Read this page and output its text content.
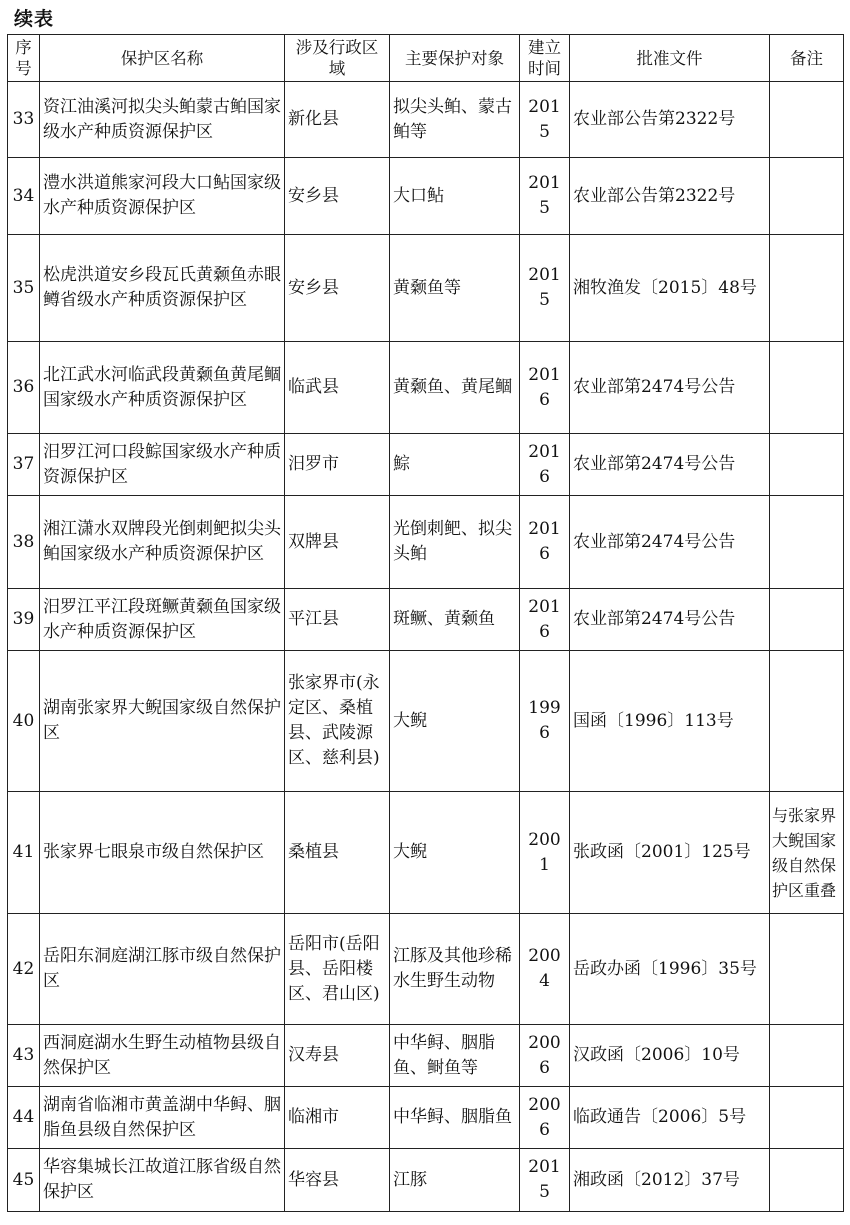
续表
序号	保护区名称	涉及行政区域	主要保护对象	建立时间	批准文件	备注
33	资江油溪河拟尖头鲌蒙古鲌国家级水产种质资源保护区	新化县	拟尖头鲌、蒙古鲌等	2015	农业部公告第2322号	
34	澧水洪道熊家河段大口鲇国家级水产种质资源保护区	安乡县	大口鲇	2015	农业部公告第2322号	
35	松虎洪道安乡段瓦氏黄颡鱼赤眼鳟省级水产种质资源保护区	安乡县	黄颡鱼等	2015	湘牧渔发〔2015〕48号	
36	北江武水河临武段黄颡鱼黄尾鲴国家级水产种质资源保护区	临武县	黄颡鱼、黄尾鲴	2016	农业部第2474号公告	
37	汨罗江河口段鯮国家级水产种质资源保护区	汨罗市	鯮	2016	农业部第2474号公告	
38	湘江潇水双牌段光倒刺鲃拟尖头鲌国家级水产种质资源保护区	双牌县	光倒刺鲃、拟尖头鲌	2016	农业部第2474号公告	
39	汨罗江平江段斑鳜黄颡鱼国家级水产种质资源保护区	平江县	斑鳜、黄颡鱼	2016	农业部第2474号公告	
40	湖南张家界大鲵国家级自然保护区	张家界市(永定区、桑植县、武陵源区、慈利县)	大鲵	1996	国函〔1996〕113号	
41	张家界七眼泉市级自然保护区	桑植县	大鲵	2001	张政函〔2001〕125号	与张家界大鲵国家级自然保护区重叠
42	岳阳东洞庭湖江豚市级自然保护区	岳阳市(岳阳县、岳阳楼区、君山区)	江豚及其他珍稀水生野生动物	2004	岳政办函〔1996〕35号	
43	西洞庭湖水生野生动植物县级自然保护区	汉寿县	中华鲟、胭脂鱼、鲥鱼等	2006	汉政函〔2006〕10号	
44	湖南省临湘市黄盖湖中华鲟、胭脂鱼县级自然保护区	临湘市	中华鲟、胭脂鱼	2006	临政通告〔2006〕5号	
45	华容集城长江故道江豚省级自然保护区	华容县	江豚	2015	湘政函〔2012〕37号	
